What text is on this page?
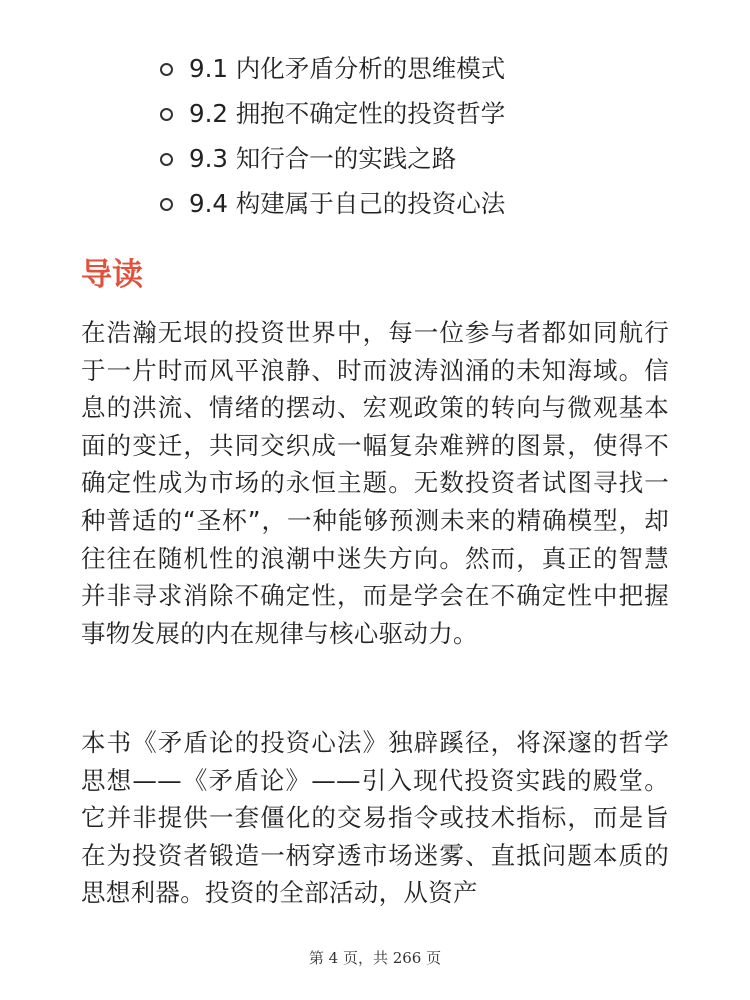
9.1 内化矛盾分析的思维模式
9.2 拥抱不确定性的投资哲学
9.3 知行合一的实践之路
9.4 构建属于自己的投资心法
导读

在浩瀚无垠的投资世界中，每一位参与者都如同航行于一片时而风平浪静、时而波涛汹涌的未知海域。信息的洪流、情绪的摆动、宏观政策的转向与微观基本面的变迁，共同交织成一幅复杂难辨的图景，使得不确定性成为市场的永恒主题。无数投资者试图寻找一种普适的“圣杯”，一种能够预测未来的精确模型，却往往在随机性的浪潮中迷失方向。然而，真正的智慧并非寻求消除不确定性，而是学会在不确定性中把握事物发展的内在规律与核心驱动力。

本书《矛盾论的投资心法》独辟蹊径，将深邃的哲学思想——《矛盾论》——引入现代投资实践的殿堂。它并非提供一套僵化的交易指令或技术指标，而是旨在为投资者锻造一柄穿透市场迷雾、直抵问题本质的思想利器。投资的全部活动，从资产

第 4 页，共 266 页
